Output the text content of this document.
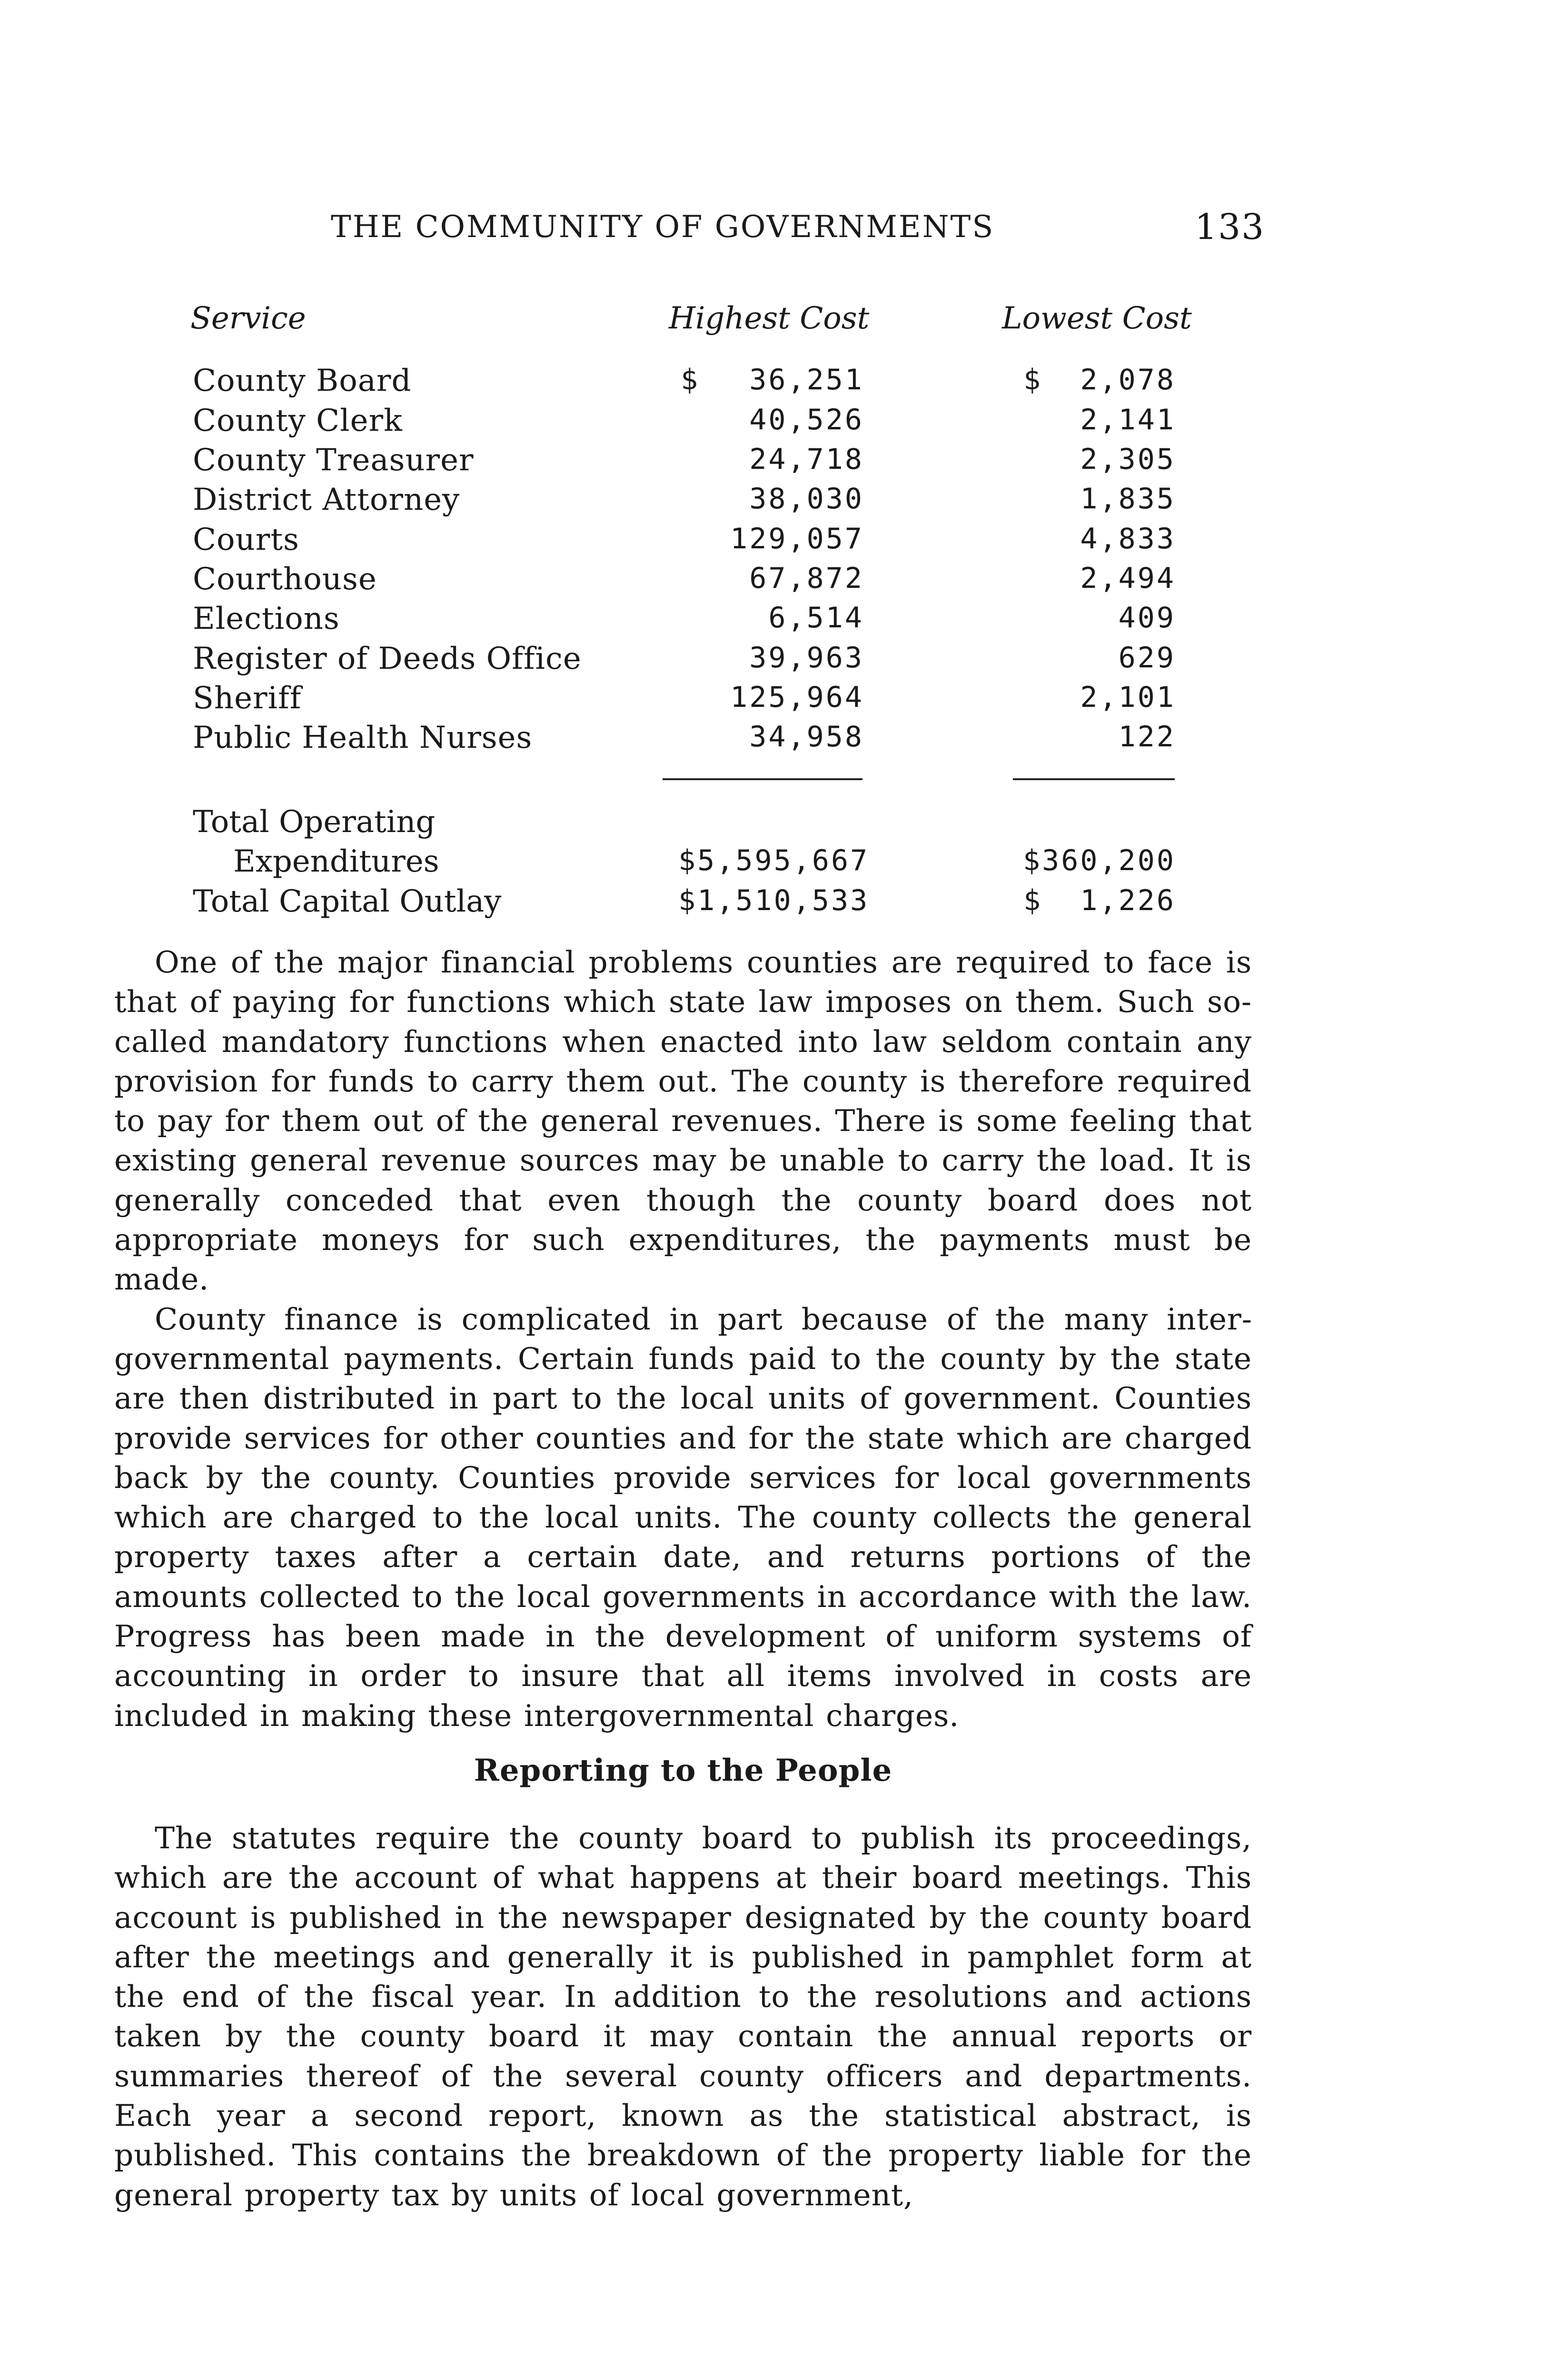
THE COMMUNITY OF GOVERNMENTS	133
Service	Highest Cost	Lowest Cost
County Board	$	36,251	$	2,078
County Clerk	40,526	2,141
County Treasurer	24,718	2,305
District Attorney	38,030	1,835
Courts	129,057	4,833
Courthouse	67,872	2,494
Elections	6,514	409
Register of Deeds Office	39,963	629
Sheriff	125,964	2,101
Public Health Nurses	34,958	122
Total Operating
Expenditures	$5,595,667	$360,200
Total Capital Outlay	$1,510,533	$	1,226

One of the major financial problems counties are required to face is that of paying for functions which state law imposes on them. Such so-called mandatory functions when enacted into law seldom contain any provision for funds to carry them out. The county is therefore required to pay for them out of the general revenues. There is some feeling that existing general revenue sources may be unable to carry the load. It is generally conceded that even though the county board does not appropriate moneys for such expenditures, the payments must be made.

County finance is complicated in part because of the many intergovernmental payments. Certain funds paid to the county by the state are then distributed in part to the local units of government. Counties provide services for other counties and for the state which are charged back by the county. Counties provide services for local governments which are charged to the local units. The county collects the general property taxes after a certain date, and returns portions of the amounts collected to the local governments in accordance with the law. Progress has been made in the development of uniform systems of accounting in order to insure that all items involved in costs are included in making these intergovernmental charges.

Reporting to the People

The statutes require the county board to publish its proceedings, which are the account of what happens at their board meetings. This account is published in the newspaper designated by the county board after the meetings and generally it is published in pamphlet form at the end of the fiscal year. In addition to the resolutions and actions taken by the county board it may contain the annual reports or summaries thereof of the several county officers and departments. Each year a second report, known as the statistical abstract, is published. This contains the breakdown of the property liable for the general property tax by units of local government,
